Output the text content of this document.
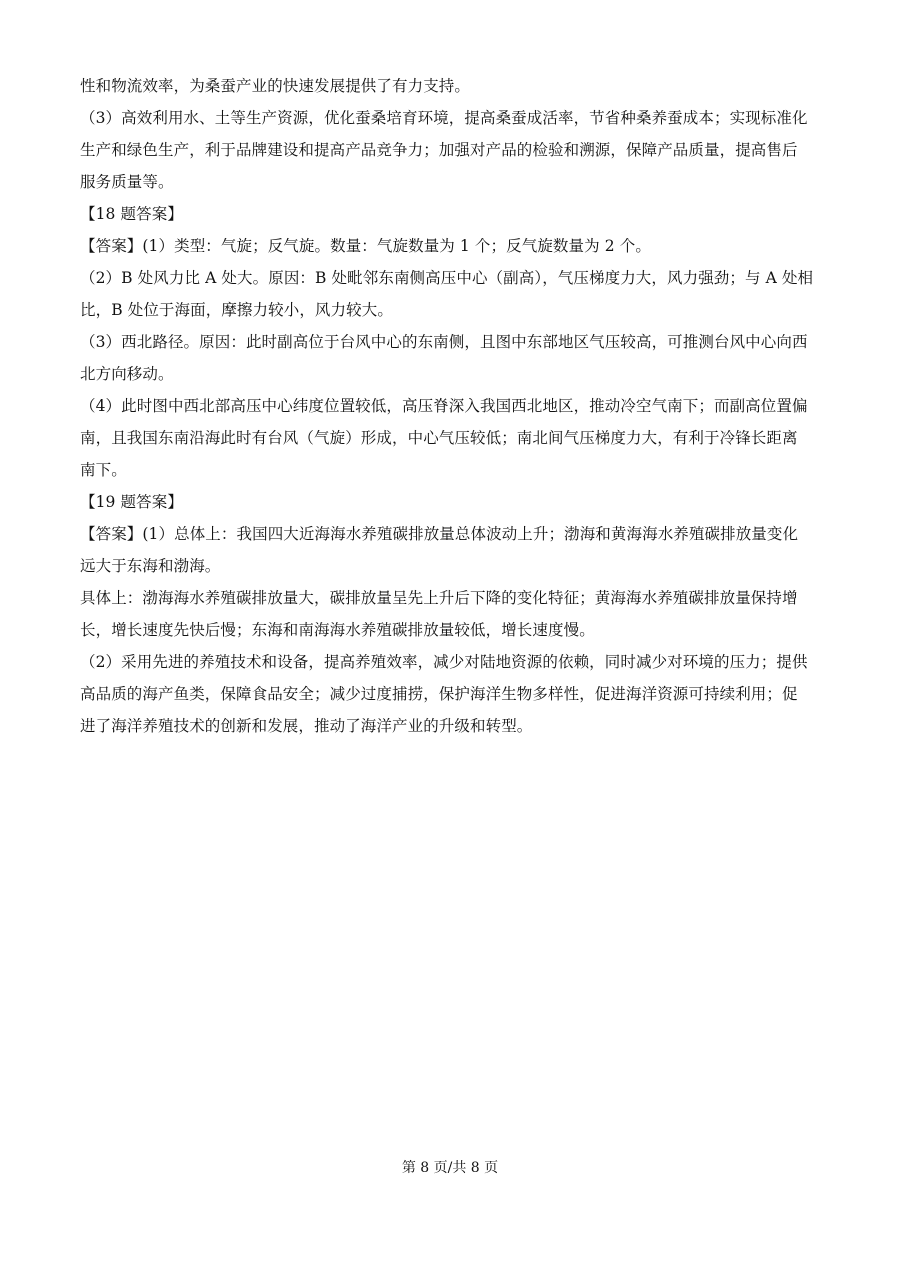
性和物流效率，为桑蚕产业的快速发展提供了有力支持。
（3）高效利用水、土等生产资源，优化蚕桑培育环境，提高桑蚕成活率，节省种桑养蚕成本；实现标准化
生产和绿色生产，利于品牌建设和提高产品竞争力；加强对产品的检验和溯源，保障产品质量，提高售后
服务质量等。
【18 题答案】
【答案】(1）类型：气旋；反气旋。数量：气旋数量为 1 个；反气旋数量为 2 个。
（2）B 处风力比 A 处大。原因：B 处毗邻东南侧高压中心（副高），气压梯度力大，风力强劲；与 A 处相
比，B 处位于海面，摩擦力较小，风力较大。
（3）西北路径。原因：此时副高位于台风中心的东南侧，且图中东部地区气压较高，可推测台风中心向西
北方向移动。
（4）此时图中西北部高压中心纬度位置较低，高压脊深入我国西北地区，推动冷空气南下；而副高位置偏
南，且我国东南沿海此时有台风（气旋）形成，中心气压较低；南北间气压梯度力大，有利于冷锋长距离
南下。
【19 题答案】
【答案】(1）总体上：我国四大近海海水养殖碳排放量总体波动上升；渤海和黄海海水养殖碳排放量变化
远大于东海和渤海。
具体上：渤海海水养殖碳排放量大，碳排放量呈先上升后下降的变化特征；黄海海水养殖碳排放量保持增
长，增长速度先快后慢；东海和南海海水养殖碳排放量较低，增长速度慢。
（2）采用先进的养殖技术和设备，提高养殖效率，减少对陆地资源的依赖，同时减少对环境的压力；提供
高品质的海产鱼类，保障食品安全；减少过度捕捞，保护海洋生物多样性，促进海洋资源可持续利用；促
进了海洋养殖技术的创新和发展，推动了海洋产业的升级和转型。
第 8 页/共 8 页
